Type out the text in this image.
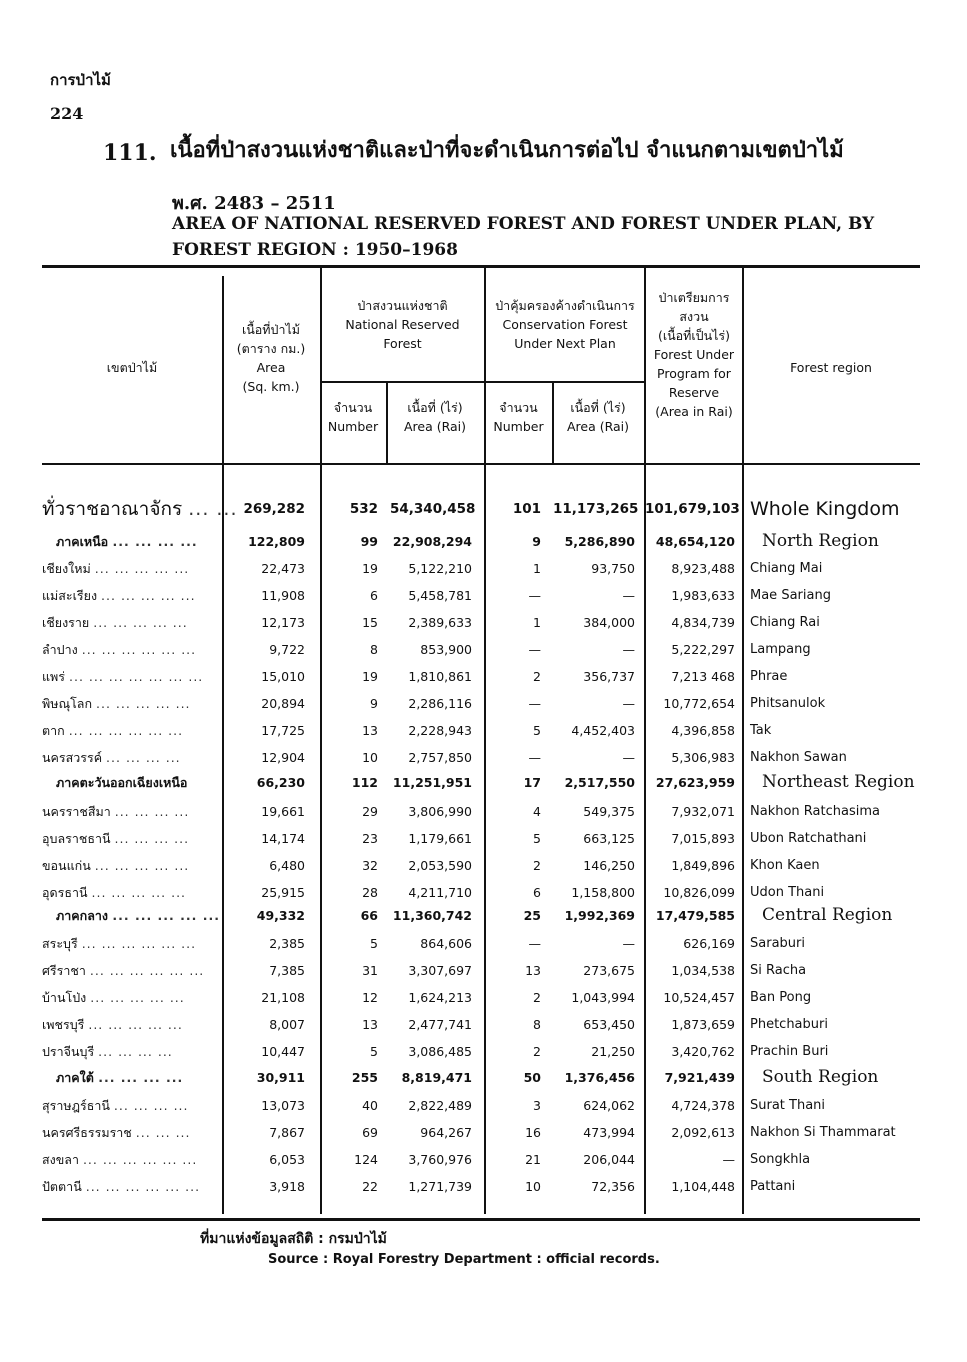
การป่าไม้
224
111. เนื้อที่ป่าสงวนแห่งชาติและป่าที่จะดำเนินการต่อไป จำแนกตามเขตป่าไม้
พ.ศ. 2483 – 2511
AREA OF NATIONAL RESERVED FOREST AND FOREST UNDER PLAN, BY
FOREST REGION : 1950–1968
เขตป่าไม้
เนื้อที่ป่าไม้
(ตาราง กม.)
Area
(Sq. km.)
ป่าสงวนแห่งชาติ
National Reserved
Forest
ป่าคุ้มครองค้างดำเนินการ
Conservation Forest
Under Next Plan
ป่าเตรียมการ
สงวน
(เนื้อที่เป็นไร่)
Forest Under
Program for
Reserve
(Area in Rai)
จำนวน
Number
เนื้อที่ (ไร่)
Area (Rai)
จำนวน
Number
เนื้อที่ (ไร่)
Area (Rai)
Forest region
ทั่วราชอาณาจักร ... ... 269,282	532 54,340,458	101 11,173,265 101,679,103 Whole Kingdom
ภาคเหนือ ... ... ... ...	122,809	99 22,908,294	9	5,286,890	48,654,120	North Region
เชียงใหม่ ... ... ... ... ...	22,473	19	5,122,210	1	93,750	8,923,488 Chiang Mai
แม่สะเรียง ... ... ... ... ...	11,908	6	5,458,781	—	—	1,983,633 Mae Sariang
เชียงราย ... ... ... ... ...	12,173	15	2,389,633	1	384,000	4,834,739 Chiang Rai
ลำปาง ... ... ... ... ... ...	9,722	8	853,900	—	—	5,222,297 Lampang
แพร่ ... ... ... ... ... ... ...	15,010	19	1,810,861	2	356,737	7,213 468 Phrae
พิษณุโลก ... ... ... ... ...	20,894	9	2,286,116	—	—	10,772,654 Phitsanulok
ตาก ... ... ... ... ... ...	17,725	13	2,228,943	5	4,452,403	4,396,858 Tak
นครสวรรค์ ... ... ... ...	12,904	10	2,757,850	—	—	5,306,983 Nakhon Sawan
ภาคตะวันออกเฉียงเหนือ	66,230	112 11,251,951	17	2,517,550	27,623,959	Northeast Region
นครราชสีมา ... ... ... ...	19,661	29	3,806,990	4	549,375	7,932,071 Nakhon Ratchasima
อุบลราชธานี ... ... ... ...	14,174	23	1,179,661	5	663,125	7,015,893 Ubon Ratchathani
ขอนแก่น ... ... ... ... ...	6,480	32	2,053,590	2	146,250	1,849,896 Khon Kaen
อุดรธานี ... ... ... ... ...	25,915	28	4,211,710	6	1,158,800	10,826,099 Udon Thani
ภาคกลาง ... ... ... ... ...	49,332	66 11,360,742	25	1,992,369	17,479,585	Central Region
สระบุรี ... ... ... ... ... ...	2,385	5	864,606	—	—	626,169 Saraburi
ศรีราชา ... ... ... ... ... ...	7,385	31	3,307,697	13	273,675	1,034,538 Si Racha
บ้านโป่ง ... ... ... ... ...	21,108	12	1,624,213	2	1,043,994	10,524,457 Ban Pong
เพชรบุรี ... ... ... ... ...	8,007	13	2,477,741	8	653,450	1,873,659 Phetchaburi
ปราจีนบุรี ... ... ... ...	10,447	5	3,086,485	2	21,250	3,420,762 Prachin Buri
ภาคใต้ ... ... ... ...	30,911	255	8,819,471	50	1,376,456	7,921,439	South Region
สุราษฎร์ธานี ... ... ... ...	13,073	40	2,822,489	3	624,062	4,724,378 Surat Thani
นครศรีธรรมราช ... ... ...	7,867	69	964,267	16	473,994	2,092,613 Nakhon Si Thammarat
สงขลา ... ... ... ... ... ...	6,053	124	3,760,976	21	206,044	— Songkhla
ปัตตานี ... ... ... ... ... ...	3,918	22	1,271,739	10	72,356	1,104,448 Pattani
ที่มาแห่งข้อมูลสถิติ : กรมป่าไม้
Source : Royal Forestry Department : official records.
